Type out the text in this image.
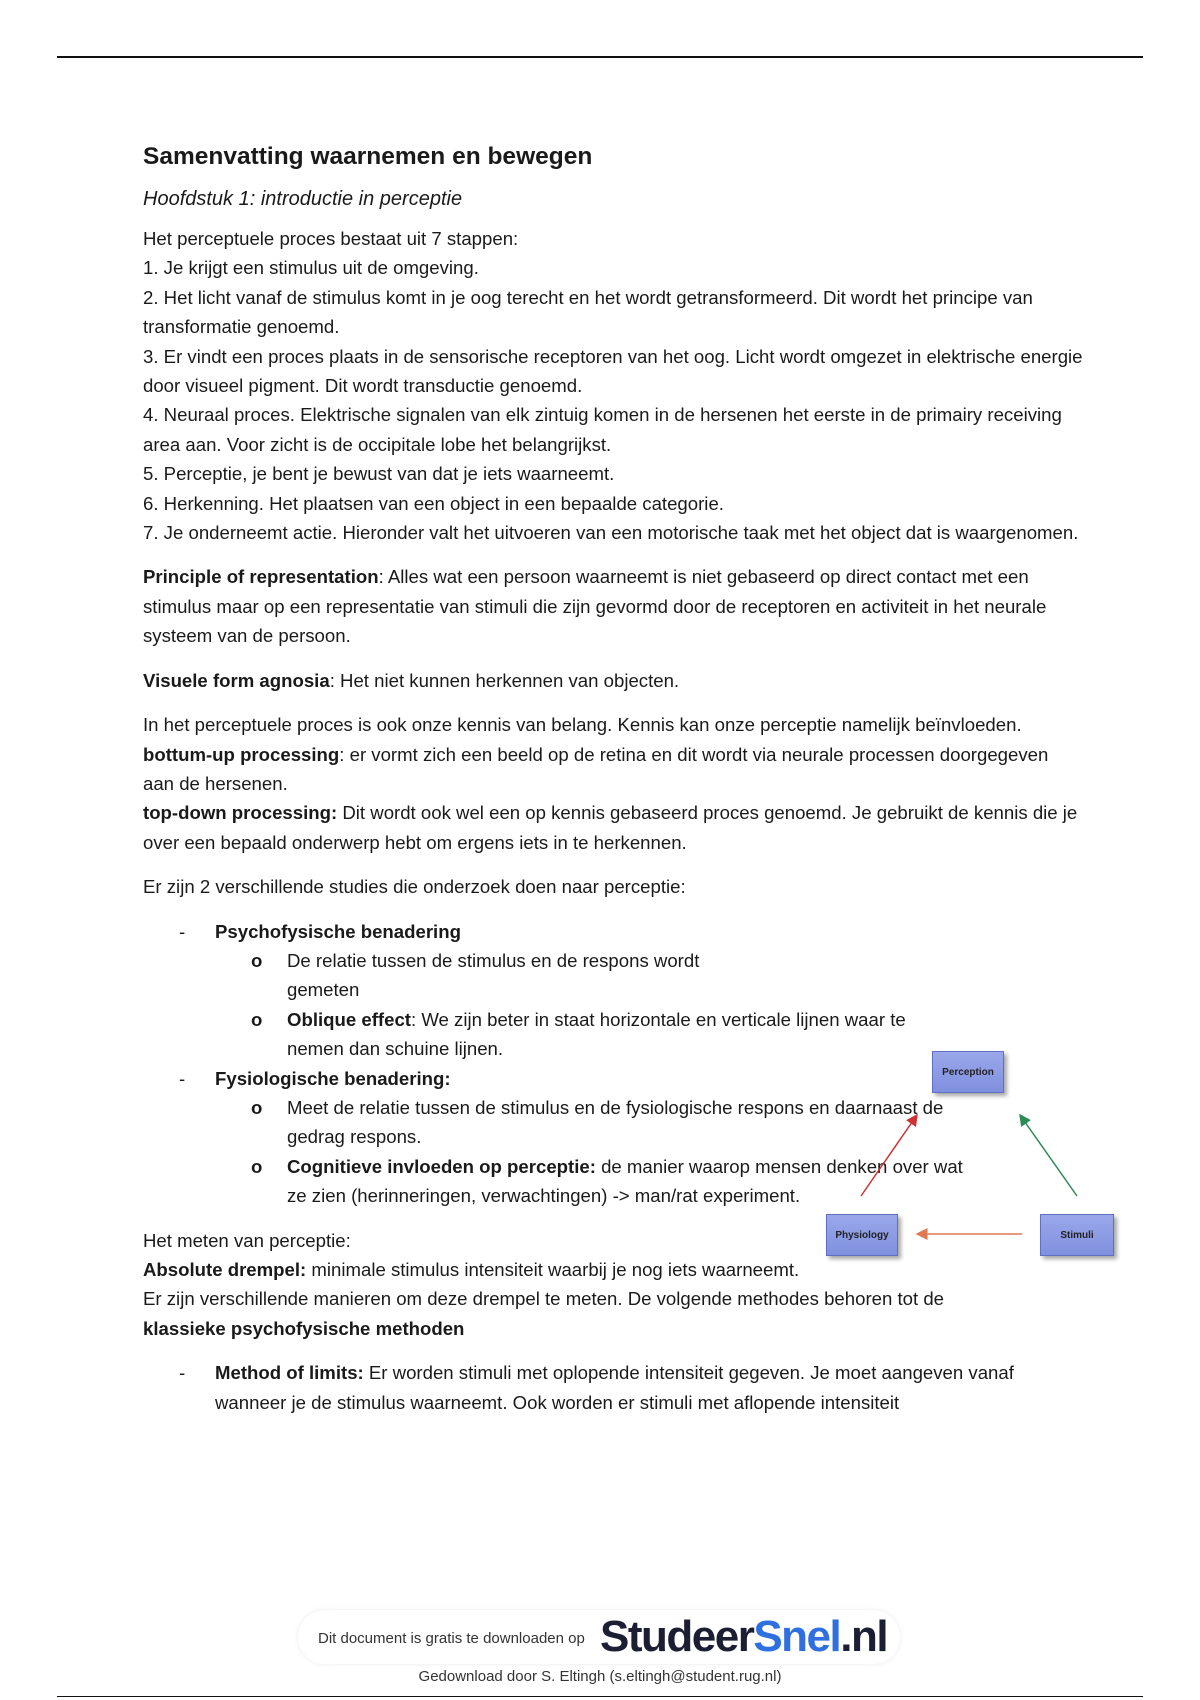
Samenvatting waarnemen en bewegen
Hoofdstuk 1: introductie in perceptie

Het perceptuele proces bestaat uit 7 stappen:

1. Je krijgt een stimulus uit de omgeving.

2. Het licht vanaf de stimulus komt in je oog terecht en het wordt getransformeerd. Dit wordt het principe van transformatie genoemd.

3. Er vindt een proces plaats in de sensorische receptoren van het oog. Licht wordt omgezet in elektrische energie door visueel pigment. Dit wordt transductie genoemd.

4. Neuraal proces. Elektrische signalen van elk zintuig komen in de hersenen het eerste in de primairy receiving area aan. Voor zicht is de occipitale lobe het belangrijkst.

5. Perceptie, je bent je bewust van dat je iets waarneemt.

6. Herkenning. Het plaatsen van een object in een bepaalde categorie.

7. Je onderneemt actie. Hieronder valt het uitvoeren van een motorische taak met het object dat is waargenomen.

Principle of representation: Alles wat een persoon waarneemt is niet gebaseerd op direct contact met een stimulus maar op een representatie van stimuli die zijn gevormd door de receptoren en activiteit in het neurale systeem van de persoon.

Visuele form agnosia: Het niet kunnen herkennen van objecten.

In het perceptuele proces is ook onze kennis van belang. Kennis kan onze perceptie namelijk beïnvloeden.

bottum-up processing: er vormt zich een beeld op de retina en dit wordt via neurale processen doorgegeven aan de hersenen.

top-down processing: Dit wordt ook wel een op kennis gebaseerd proces genoemd. Je gebruikt de kennis die je over een bepaald onderwerp hebt om ergens iets in te herkennen.

Er zijn 2 verschillende studies die onderzoek doen naar perceptie:

- Psychofysische benadering
o De relatie tussen de stimulus en de respons wordt gemeten
o Oblique effect: We zijn beter in staat horizontale en verticale lijnen waar te nemen dan schuine lijnen.
- Fysiologische benadering:
o Meet de relatie tussen de stimulus en de fysiologische respons en daarnaast de gedrag respons.
o Cognitieve invloeden op perceptie: de manier waarop mensen denken over wat ze zien (herinneringen, verwachtingen) -> man/rat experiment.

Het meten van perceptie:

Absolute drempel: minimale stimulus intensiteit waarbij je nog iets waarneemt.

Er zijn verschillende manieren om deze drempel te meten. De volgende methodes behoren tot de

klassieke psychofysische methoden

- Method of limits: Er worden stimuli met oplopende intensiteit gegeven. Je moet aangeven vanaf wanneer je de stimulus waarneemt. Ook worden er stimuli met aflopende intensiteit
Perception
Physiology	Stimuli
Dit document is gratis te downloaden op StudeerSnel.nl
Gedownload door S. Eltingh (s.eltingh@student.rug.nl)
